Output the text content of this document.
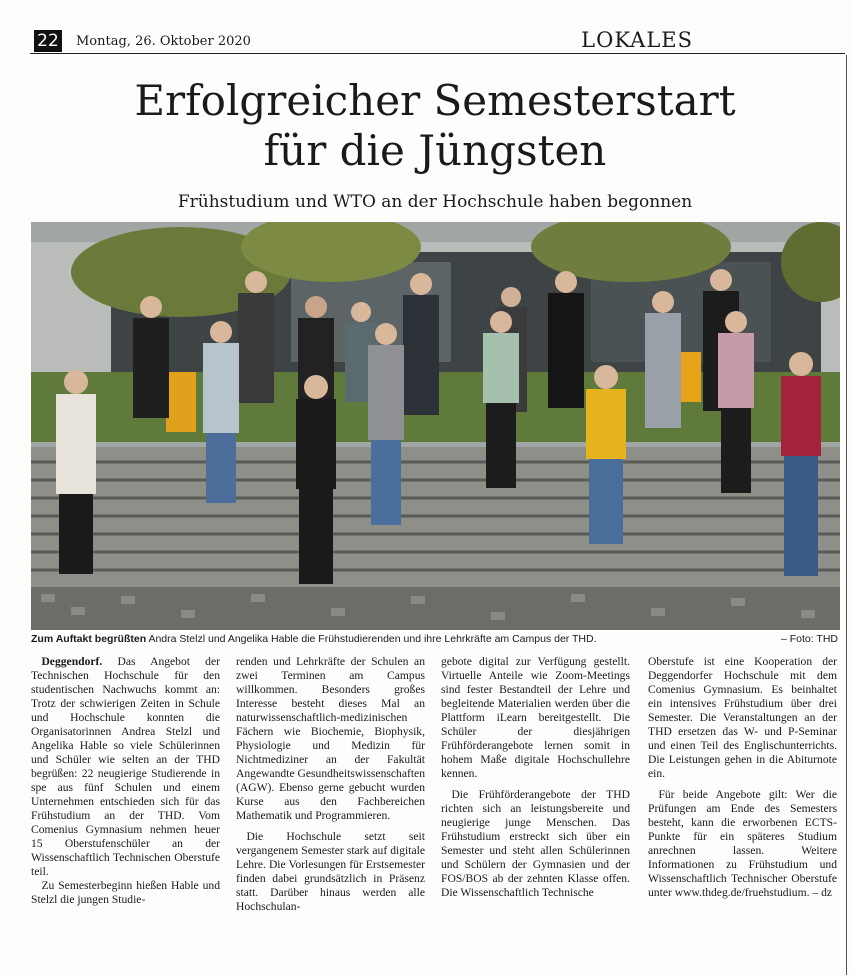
22 Montag, 26. Oktober 2020	LOKALES
Erfolgreicher Semesterstart
für die Jüngsten
Frühstudium und WTO an der Hochschule haben begonnen
Zum Auftakt begrüßten Andra Stelzl und Angelika Hable die Frühstudierenden und ihre Lehrkräfte am Campus der THD.	– Foto: THD

Deggendorf. Das Angebot der Technischen Hochschule für den studentischen Nachwuchs kommt an: Trotz der schwierigen Zeiten in Schule und Hochschule konnten die Organisatorinnen Andrea Stelzl und Angelika Hable so viele Schülerinnen und Schüler wie selten an der THD begrüßen: 22 neugierige Studierende in spe aus fünf Schulen und einem Unternehmen entschieden sich für das Frühstudium an der THD. Vom Comenius Gymnasium nehmen heuer 15 Oberstufenschüler an der Wissenschaftlich Technischen Oberstufe teil.

Zu Semesterbeginn hießen Hable und Stelzl die jungen Studie-

renden und Lehrkräfte der Schulen an zwei Terminen am Campus willkommen. Besonders großes Interesse besteht dieses Mal an naturwissenschaftlich-medizinischen Fächern wie Biochemie, Biophysik, Physiologie und Medizin für Nichtmediziner an der Fakultät Angewandte Gesundheitswissenschaften (AGW). Ebenso gerne gebucht wurden Kurse aus den Fachbereichen Mathematik und Programmieren.

Die Hochschule setzt seit vergangenem Semester stark auf digitale Lehre. Die Vorlesungen für Erstsemester finden dabei grundsätzlich in Präsenz statt. Darüber hinaus werden alle Hochschulan-

gebote digital zur Verfügung gestellt. Virtuelle Anteile wie Zoom-Meetings sind fester Bestandteil der Lehre und begleitende Materialien werden über die Plattform iLearn bereitgestellt. Die Schüler der diesjährigen Frühförderangebote lernen somit in hohem Maße digitale Hochschullehre kennen.

Die Frühförderangebote der THD richten sich an leistungsbereite und neugierige junge Menschen. Das Frühstudium erstreckt sich über ein Semester und steht allen Schülerinnen und Schülern der Gymnasien und der FOS/BOS ab der zehnten Klasse offen. Die Wissenschaftlich Technische

Oberstufe ist eine Kooperation der Deggendorfer Hochschule mit dem Comenius Gymnasium. Es beinhaltet ein intensives Frühstudium über drei Semester. Die Veranstaltungen an der THD ersetzen das W- und P-Seminar und einen Teil des Englischunterrichts. Die Leistungen gehen in die Abiturnote ein.

Für beide Angebote gilt: Wer die Prüfungen am Ende des Semesters besteht, kann die erworbenen ECTS-Punkte für ein späteres Studium anrechnen lassen. Weitere Informationen zu Frühstudium und Wissenschaftlich Technischer Oberstufe unter www.thdeg.de/fruehstudium. – dz
